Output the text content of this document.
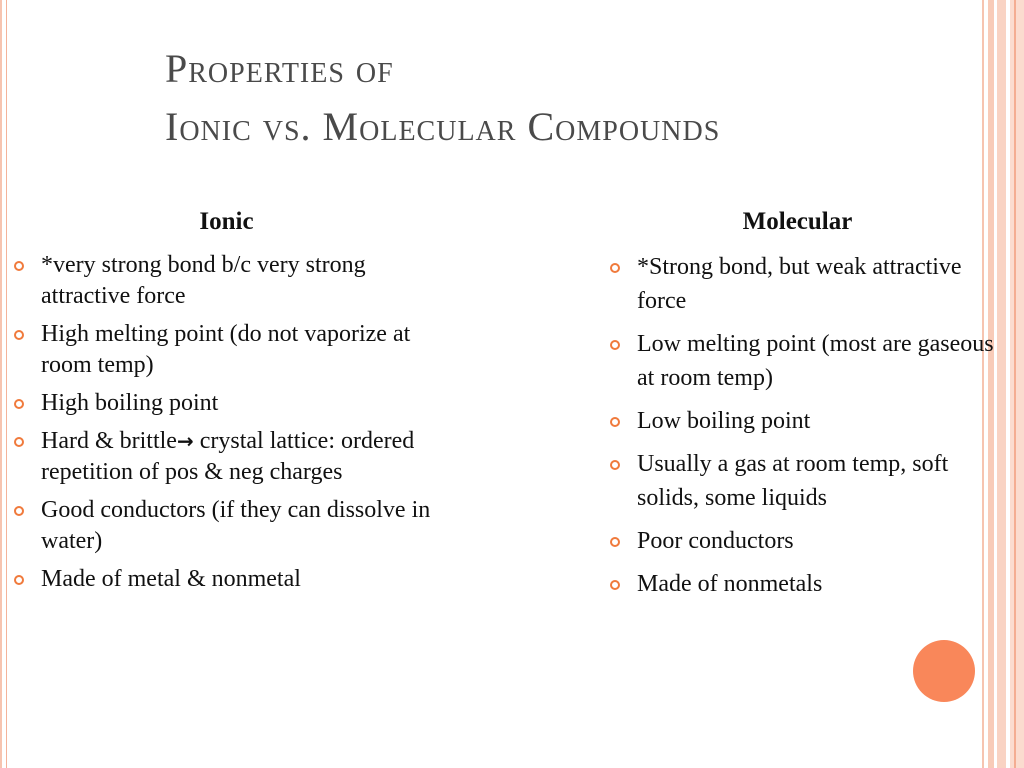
Properties of
Ionic vs. Molecular Compounds
Ionic
*very strong bond b/c very strong attractive force
High melting point (do not vaporize at room temp)
High boiling point
Hard & brittle→ crystal lattice: ordered repetition of pos & neg charges
Good conductors (if they can dissolve in water)
Made of metal & nonmetal
Molecular
*Strong bond, but weak attractive force
Low melting point (most are gaseous at room temp)
Low boiling point
Usually a gas at room temp, soft solids, some liquids
Poor conductors
Made of nonmetals
